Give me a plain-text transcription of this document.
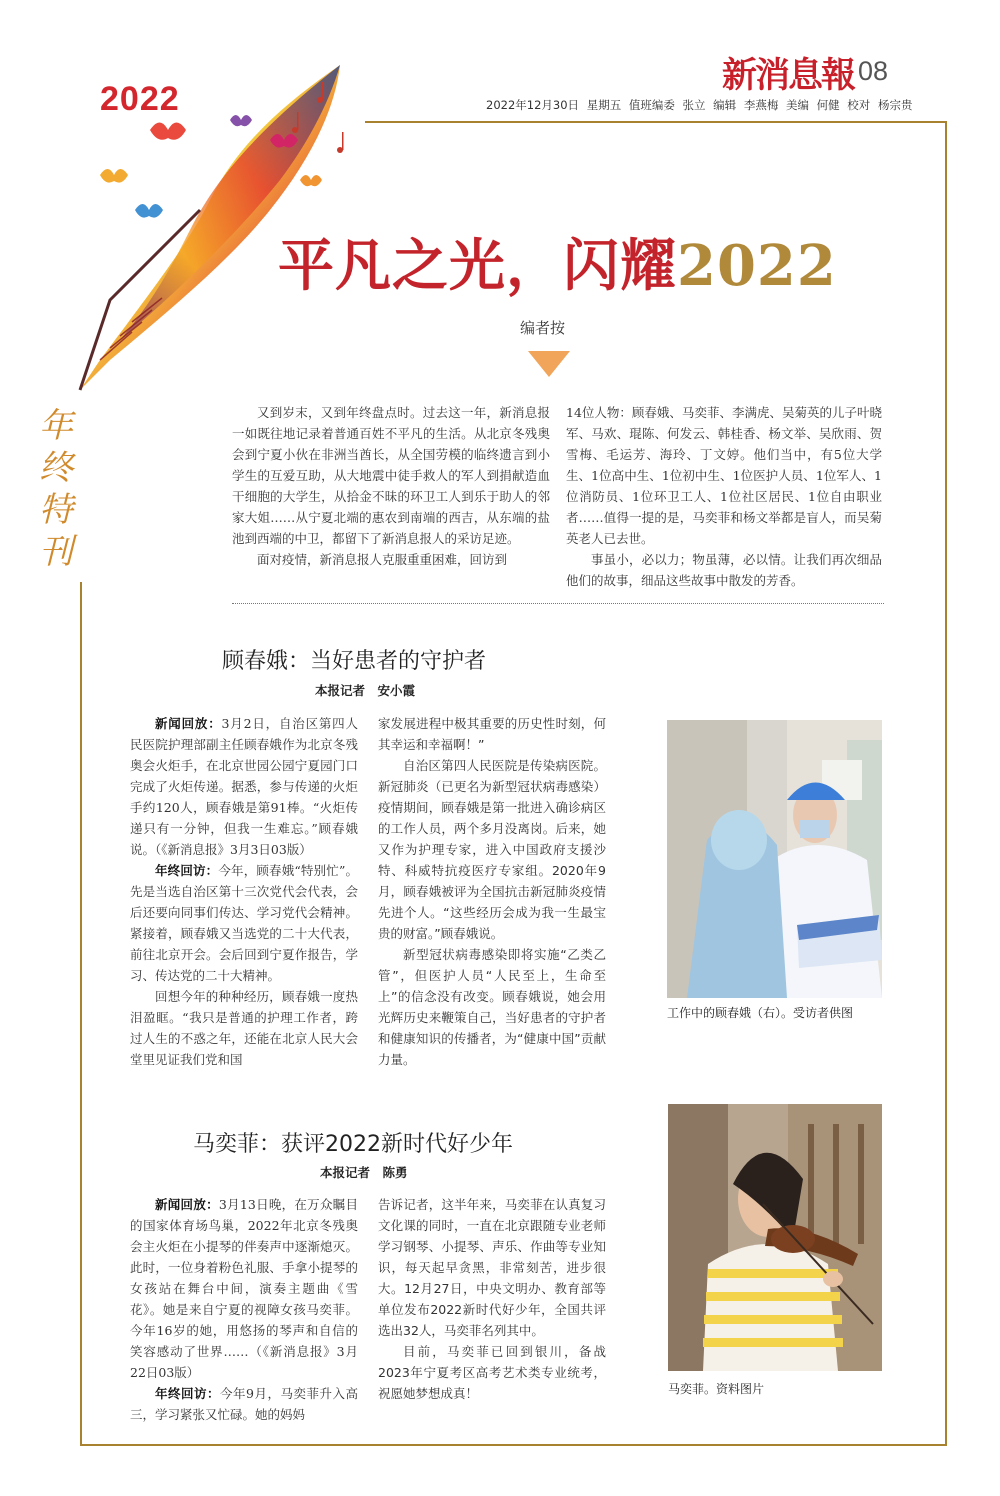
2022
新消息報 08
2022年12月30日 星期五 值班编委 张立 编辑 李燕梅 美编 何健 校对 杨宗贵
年
终
特
刊
平凡之光，闪耀2022
编者按

又到岁末，又到年终盘点时。过去这一年，新消息报一如既往地记录着普通百姓不平凡的生活。从北京冬残奥会到宁夏小伙在非洲当酋长，从全国劳模的临终遗言到小学生的互爱互助，从大地震中徒手救人的军人到捐献造血干细胞的大学生，从拾金不昧的环卫工人到乐于助人的邻家大姐……从宁夏北端的惠农到南端的西吉，从东端的盐池到西端的中卫，都留下了新消息报人的采访足迹。

面对疫情，新消息报人克服重重困难，回访到

14位人物：顾春娥、马奕菲、李满虎、吴菊英的儿子叶晓军、马欢、琨陈、何发云、韩桂香、杨文举、吴欣雨、贺雪梅、毛运芳、海玲、丁文婷。他们当中，有5位大学生、1位高中生、1位初中生、1位医护人员、1位军人、1位消防员、1位环卫工人、1位社区居民、1位自由职业者……值得一提的是，马奕菲和杨文举都是盲人，而吴菊英老人已去世。

事虽小，必以力；物虽薄，必以情。让我们再次细品他们的故事，细品这些故事中散发的芳香。

顾春娥：当好患者的守护者
本报记者　安小霞

新闻回放：3月2日，自治区第四人民医院护理部副主任顾春娥作为北京冬残奥会火炬手，在北京世园公园宁夏园门口完成了火炬传递。据悉，参与传递的火炬手约120人，顾春娥是第91棒。“火炬传递只有一分钟，但我一生难忘。”顾春娥说。（《新消息报》3月3日03版）

年终回访：今年，顾春娥“特别忙”。先是当选自治区第十三次党代会代表，会后还要向同事们传达、学习党代会精神。紧接着，顾春娥又当选党的二十大代表，前往北京开会。会后回到宁夏作报告，学习、传达党的二十大精神。

回想今年的种种经历，顾春娥一度热泪盈眶。“我只是普通的护理工作者，跨过人生的不惑之年，还能在北京人民大会堂里见证我们党和国

家发展进程中极其重要的历史性时刻，何其幸运和幸福啊！”

自治区第四人民医院是传染病医院。新冠肺炎（已更名为新型冠状病毒感染）疫情期间，顾春娥是第一批进入确诊病区的工作人员，两个多月没离岗。后来，她又作为护理专家，进入中国政府支援沙特、科威特抗疫医疗专家组。2020年9月，顾春娥被评为全国抗击新冠肺炎疫情先进个人。“这些经历会成为我一生最宝贵的财富。”顾春娥说。

新型冠状病毒感染即将实施“乙类乙管”，但医护人员“人民至上，生命至上”的信念没有改变。顾春娥说，她会用光辉历史来鞭策自己，当好患者的守护者和健康知识的传播者，为“健康中国”贡献力量。

工作中的顾春娥（右）。受访者供图
马奕菲：获评2022新时代好少年
本报记者　陈勇

新闻回放：3月13日晚，在万众瞩目的国家体育场鸟巢，2022年北京冬残奥会主火炬在小提琴的伴奏声中逐渐熄灭。此时，一位身着粉色礼服、手拿小提琴的女孩站在舞台中间，演奏主题曲《雪花》。她是来自宁夏的视障女孩马奕菲。今年16岁的她，用悠扬的琴声和自信的笑容感动了世界……（《新消息报》3月22日03版）

年终回访：今年9月，马奕菲升入高三，学习紧张又忙碌。她的妈妈

告诉记者，这半年来，马奕菲在认真复习文化课的同时，一直在北京跟随专业老师学习钢琴、小提琴、声乐、作曲等专业知识，每天起早贪黑，非常刻苦，进步很大。12月27日，中央文明办、教育部等单位发布2022新时代好少年，全国共评选出32人，马奕菲名列其中。

目前，马奕菲已回到银川，备战2023年宁夏考区高考艺术类专业统考，祝愿她梦想成真！	马奕菲。资料图片
